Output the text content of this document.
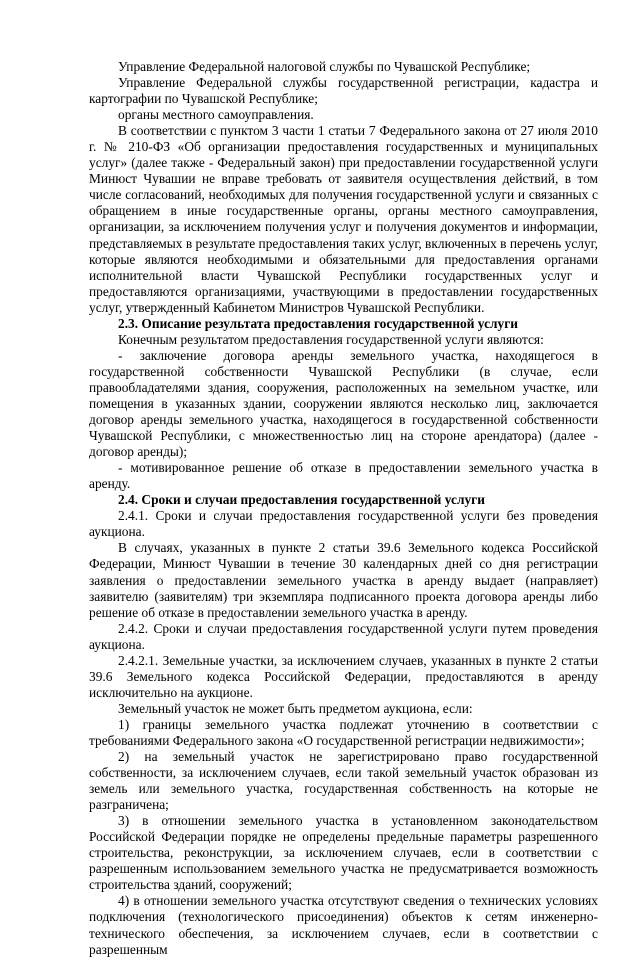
Управление Федеральной налоговой службы по Чувашской Республике;

Управление Федеральной службы государственной регистрации, кадастра и картографии по Чувашской Республике;

органы местного самоуправления.

В соответствии с пунктом 3 части 1 статьи 7 Федерального закона от 27 июля 2010 г. № 210-ФЗ «Об организации предоставления государственных и муниципальных услуг» (далее также - Федеральный закон) при предоставлении государственной услуги Минюст Чувашии не вправе требовать от заявителя осуществления действий, в том числе согласований, необходимых для получения государственной услуги и связанных с обращением в иные государственные органы, органы местного самоуправления, организации, за исключением получения услуг и получения документов и информации, представляемых в результате предоставления таких услуг, включенных в перечень услуг, которые являются необходимыми и обязательными для предоставления органами исполнительной власти Чувашской Республики государственных услуг и предоставляются организациями, участвующими в предоставлении государственных услуг, утвержденный Кабинетом Министров Чувашской Республики.

2.3. Описание результата предоставления государственной услуги

Конечным результатом предоставления государственной услуги являются:

- заключение договора аренды земельного участка, находящегося в государственной собственности Чувашской Республики (в случае, если правообладателями здания, сооружения, расположенных на земельном участке, или помещения в указанных здании, сооружении являются несколько лиц, заключается договор аренды земельного участка, находящегося в государственной собственности Чувашской Республики, с множественностью лиц на стороне арендатора) (далее - договор аренды);

- мотивированное решение об отказе в предоставлении земельного участка в аренду.

2.4. Сроки и случаи предоставления государственной услуги

2.4.1. Сроки и случаи предоставления государственной услуги без проведения аукциона.

В случаях, указанных в пункте 2 статьи 39.6 Земельного кодекса Российской Федерации, Минюст Чувашии в течение 30 календарных дней со дня регистрации заявления о предоставлении земельного участка в аренду выдает (направляет) заявителю (заявителям) три экземпляра подписанного проекта договора аренды либо решение об отказе в предоставлении земельного участка в аренду.

2.4.2. Сроки и случаи предоставления государственной услуги путем проведения аукциона.

2.4.2.1. Земельные участки, за исключением случаев, указанных в пункте 2 статьи 39.6 Земельного кодекса Российской Федерации, предоставляются в аренду исключительно на аукционе.

Земельный участок не может быть предметом аукциона, если:

1) границы земельного участка подлежат уточнению в соответствии с требованиями Федерального закона «О государственной регистрации недвижимости»;

2) на земельный участок не зарегистрировано право государственной собственности, за исключением случаев, если такой земельный участок образован из земель или земельного участка, государственная собственность на которые не разграничена;

3) в отношении земельного участка в установленном законодательством Российской Федерации порядке не определены предельные параметры разрешенного строительства, реконструкции, за исключением случаев, если в соответствии с разрешенным использованием земельного участка не предусматривается возможность строительства зданий, сооружений;

4) в отношении земельного участка отсутствуют сведения о технических условиях подключения (технологического присоединения) объектов к сетям инженерно-технического обеспечения, за исключением случаев, если в соответствии с разрешенным
